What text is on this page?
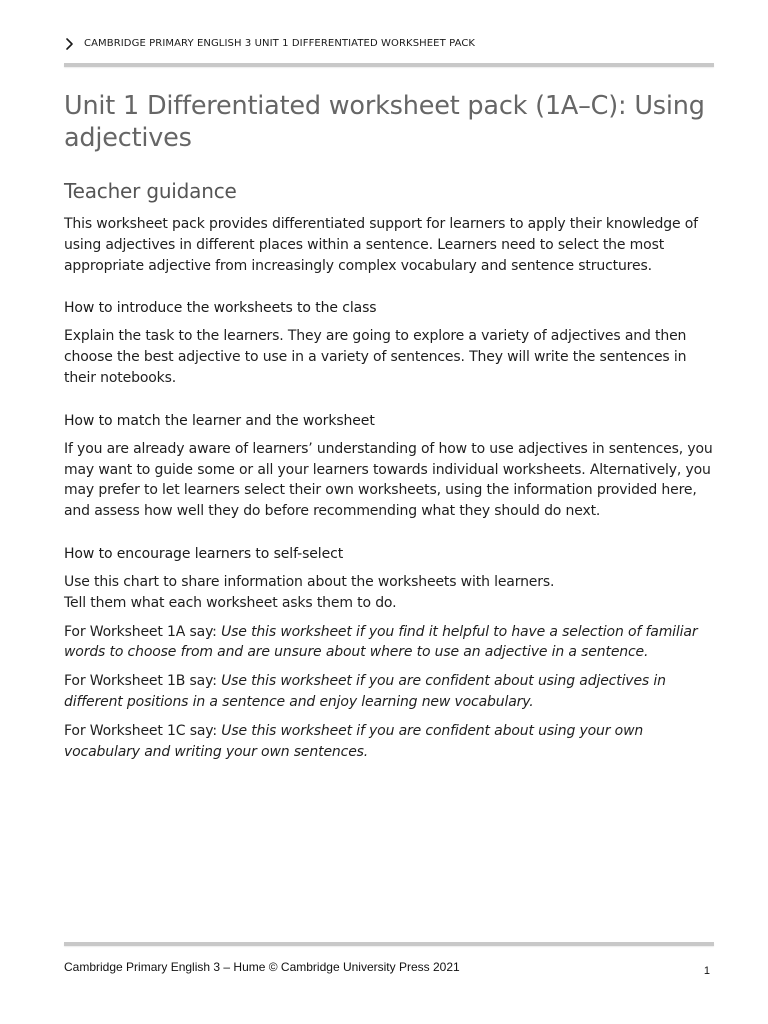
CAMBRIDGE PRIMARY ENGLISH 3 UNIT 1 DIFFERENTIATED WORKSHEET PACK
Unit 1 Differentiated worksheet pack (1A–C): Using adjectives
Teacher guidance

This worksheet pack provides differentiated support for learners to apply their knowledge of using adjectives in different places within a sentence. Learners need to select the most appropriate adjective from increasingly complex vocabulary and sentence structures.

How to introduce the worksheets to the class

Explain the task to the learners. They are going to explore a variety of adjectives and then choose the best adjective to use in a variety of sentences. They will write the sentences in their notebooks.

How to match the learner and the worksheet

If you are already aware of learners’ understanding of how to use adjectives in sentences, you may want to guide some or all your learners towards individual worksheets. Alternatively, you may prefer to let learners select their own worksheets, using the information provided here, and assess how well they do before recommending what they should do next.

How to encourage learners to self-select

Use this chart to share information about the worksheets with learners.
Tell them what each worksheet asks them to do.

For Worksheet 1A say: Use this worksheet if you find it helpful to have a selection of familiar words to choose from and are unsure about where to use an adjective in a sentence.

For Worksheet 1B say: Use this worksheet if you are confident about using adjectives in different positions in a sentence and enjoy learning new vocabulary.

For Worksheet 1C say: Use this worksheet if you are confident about using your own vocabulary and writing your own sentences.

Cambridge Primary English 3 – Hume © Cambridge University Press 2021	1
